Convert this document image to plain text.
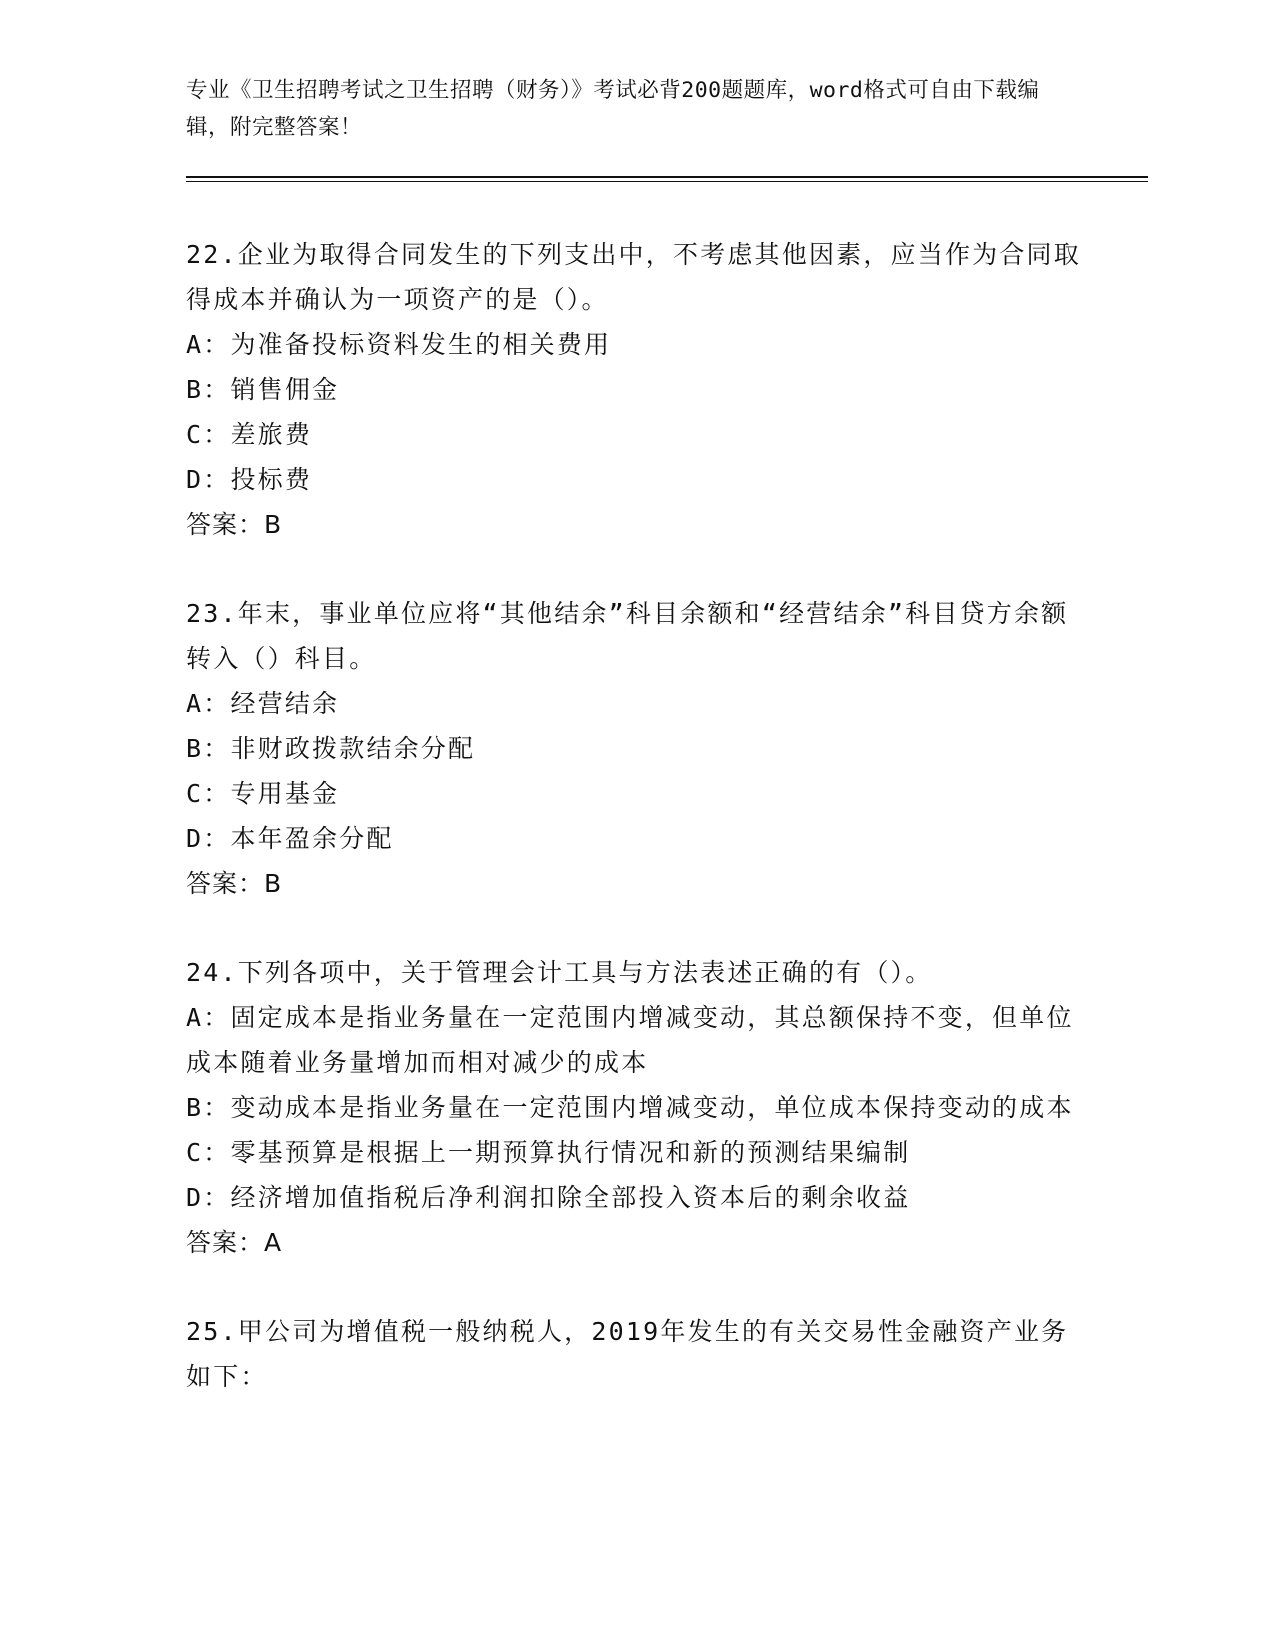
专业《卫生招聘考试之卫生招聘（财务）》考试必背200题题库，word格式可自由下载编辑，附完整答案！

22.企业为取得合同发生的下列支出中，不考虑其他因素，应当作为合同取得成本并确认为一项资产的是（）。

A：为准备投标资料发生的相关费用

B：销售佣金

C：差旅费

D：投标费

答案：B

23.年末，事业单位应将“其他结余”科目余额和“经营结余”科目贷方余额转入（）科目。

A：经营结余

B：非财政拨款结余分配

C：专用基金

D：本年盈余分配

答案：B

24.下列各项中，关于管理会计工具与方法表述正确的有（）。

A：固定成本是指业务量在一定范围内增减变动，其总额保持不变，但单位成本随着业务量增加而相对减少的成本

B：变动成本是指业务量在一定范围内增减变动，单位成本保持变动的成本

C：零基预算是根据上一期预算执行情况和新的预测结果编制

D：经济增加值指税后净利润扣除全部投入资本后的剩余收益

答案：A

25.甲公司为增值税一般纳税人，2019年发生的有关交易性金融资产业务如下：
